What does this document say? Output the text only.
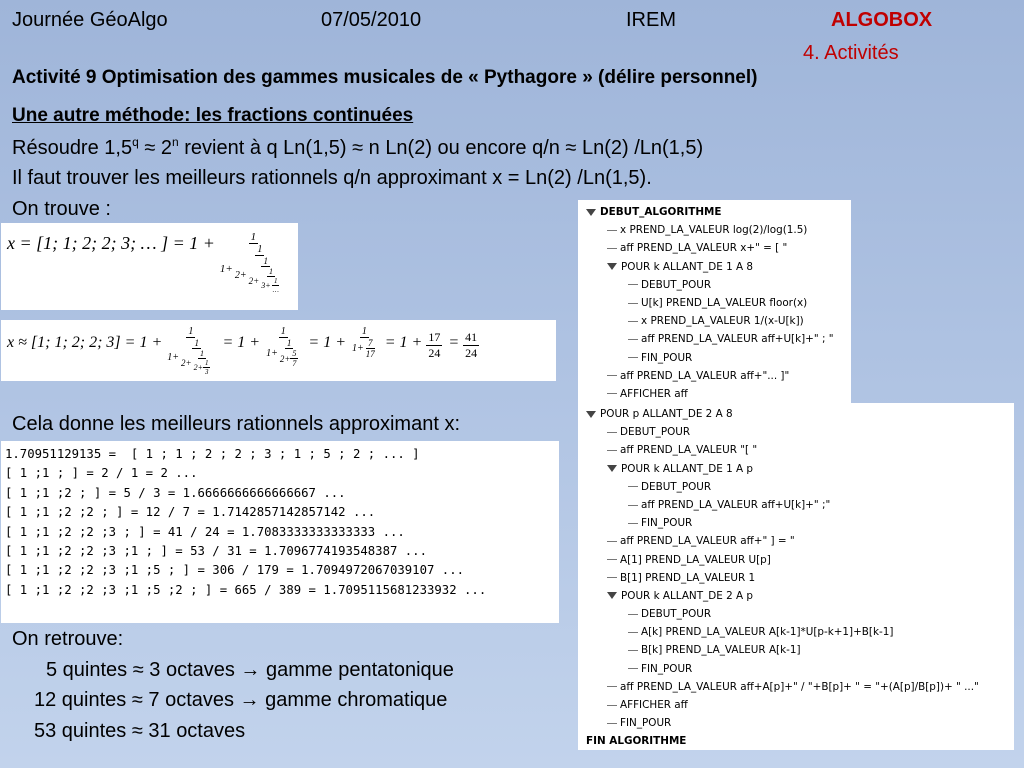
Journée GéoAlgo	07/05/2010	IREM	ALGOBOX
4. Activités
Activité 9 Optimisation des gammes musicales de « Pythagore » (délire personnel)
Une autre méthode: les fractions continuées
Résoudre $1,5^q \approx 2^n$ revient à q Ln(1,5) ≈ n Ln(2) ou encore q/n ≈ Ln(2) /Ln(1,5)
Il faut trouver les meilleurs rationnels q/n approximant x = Ln(2) /Ln(1,5).
On trouve :
x = [1; 1; 2; 2; 3; … ] = 1 +	1
1+
1
2+
1
2+
1
$3+ \frac{1}{\dots}$
x ≈ [1; 1; 2; 2; 3] = 1 +
1
1+
1
$2+ \frac{1}{2+ \frac{1}{3}}$
= 1 +
1
$1+ \frac{1}{2+ \frac{5}{7}} = 1 + \frac{1}{1+ \frac{7}{17}} = 1 + \frac{17}{24} = \frac{41}{24}$
Cela donne les meilleurs rationnels approximant x:
1.70951129135 =  [ 1 ; 1 ; 2 ; 2 ; 3 ; 1 ; 5 ; 2 ; ... ]
[ 1 ;1 ; ] = 2 / 1 = 2 ...
[ 1 ;1 ;2 ; ] = 5 / 3 = 1.6666666666666667 ...
[ 1 ;1 ;2 ;2 ; ] = 12 / 7 = 1.7142857142857142 ...
[ 1 ;1 ;2 ;2 ;3 ; ] = 41 / 24 = 1.7083333333333333 ...
[ 1 ;1 ;2 ;2 ;3 ;1 ; ] = 53 / 31 = 1.7096774193548387 ...
[ 1 ;1 ;2 ;2 ;3 ;1 ;5 ; ] = 306 / 179 = 1.7094972067039107 ...
[ 1 ;1 ;2 ;2 ;3 ;1 ;5 ;2 ; ] = 665 / 389 = 1.7095115681233932 ...
On retrouve:
5 quintes ≈ 3 octaves → gamme pentatonique
12 quintes ≈ 7 octaves → gamme chromatique
53 quintes ≈ 31 octaves
DEBUT_ALGORITHME
x PREND_LA_VALEUR log(2)/log(1.5)
aff PREND_LA_VALEUR x+" = [ "
POUR k ALLANT_DE 1 A 8
DEBUT_POUR
U[k] PREND_LA_VALEUR floor(x)
x PREND_LA_VALEUR 1/(x-U[k])
aff PREND_LA_VALEUR aff+U[k]+" ; "
FIN_POUR
aff PREND_LA_VALEUR aff+"... ]"
AFFICHER aff
POUR p ALLANT_DE 2 A 8
DEBUT_POUR
aff PREND_LA_VALEUR "[ "
POUR k ALLANT_DE 1 A p
DEBUT_POUR
aff PREND_LA_VALEUR aff+U[k]+" ;"
FIN_POUR
aff PREND_LA_VALEUR aff+" ] = "
A[1] PREND_LA_VALEUR U[p]
B[1] PREND_LA_VALEUR 1
POUR k ALLANT_DE 2 A p
DEBUT_POUR
A[k] PREND_LA_VALEUR A[k-1]*U[p-k+1]+B[k-1]
B[k] PREND_LA_VALEUR A[k-1]
FIN_POUR
aff PREND_LA_VALEUR aff+A[p]+" / "+B[p]+ " = "+(A[p]/B[p])+ " ..."
AFFICHER aff
FIN_POUR
FIN ALGORITHME
